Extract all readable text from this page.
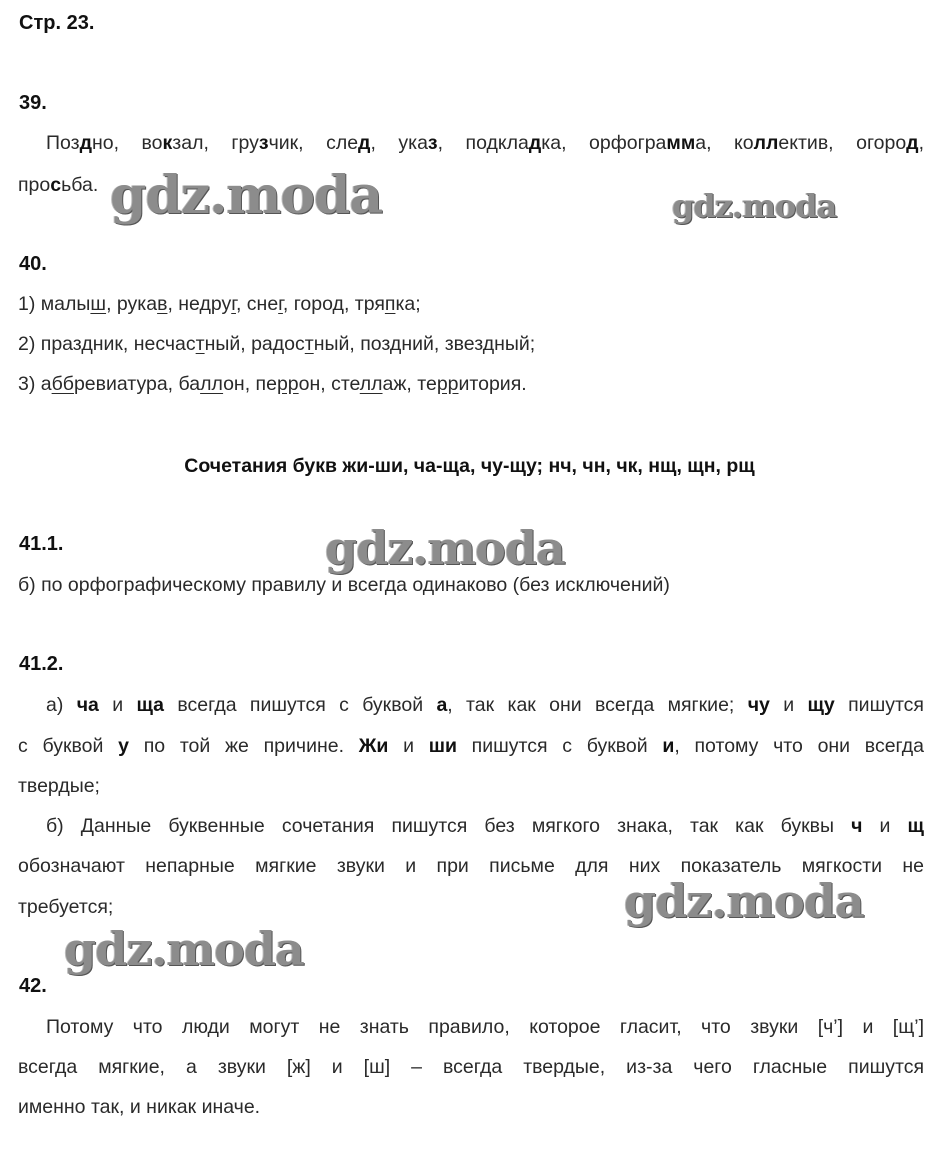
Стр. 23.
39.
Поздно, вокзал, грузчик, след, указ, подкладка, орфограмма, коллектив, огород,
просьба.
40.
1) малыш, рукав, недруг, снег, город, тряпка;
2) праздник, несчастный, радостный, поздний, звездный;
3) аббревиатура, баллон, перрон, стеллаж, территория.
Сочетания букв жи-ши, ча-ща, чу-щу; нч, чн, чк, нщ, щн, рщ
41.1.
б) по орфографическому правилу и всегда одинаково (без исключений)
41.2.
а) ча и ща всегда пишутся с буквой а, так как они всегда мягкие; чу и щу пишутся
с буквой у по той же причине. Жи и ши пишутся с буквой и, потому что они всегда
твердые;
б) Данные буквенные сочетания пишутся без мягкого знака, так как буквы ч и щ
обозначают непарные мягкие звуки и при письме для них показатель мягкости не
требуется;
42.
Потому что люди могут не знать правило, которое гласит, что звуки [ч’] и [щ’]
всегда мягкие, а звуки [ж] и [ш] – всегда твердые, из-за чего гласные пишутся
именно так, и никак иначе.
gdz.moda	gdz.moda
gdz.moda
gdz.moda
gdz.moda
